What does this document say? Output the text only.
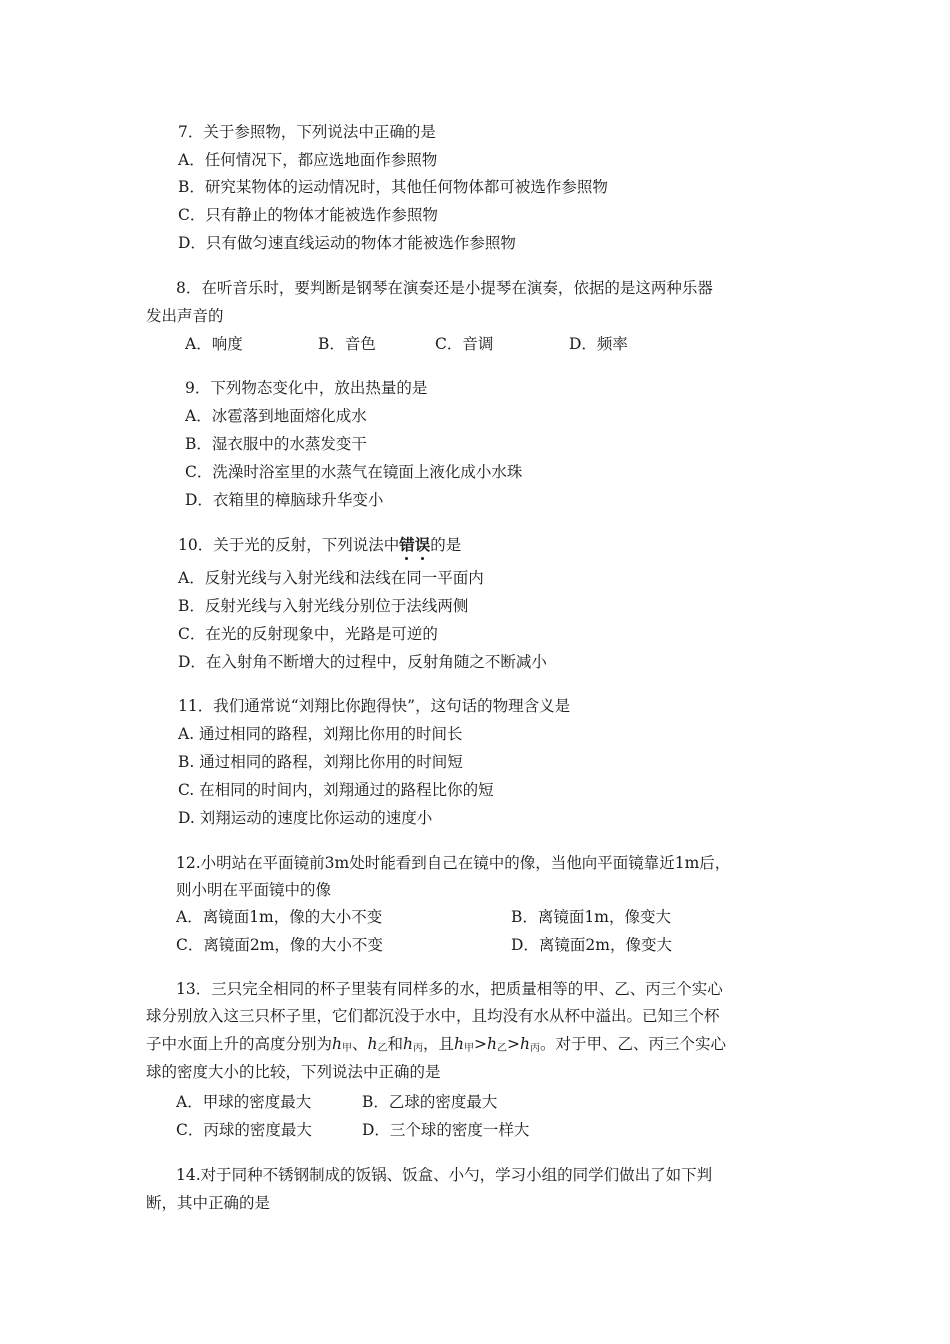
7．关于参照物，下列说法中正确的是
A．任何情况下，都应选地面作参照物
B．研究某物体的运动情况时，其他任何物体都可被选作参照物
C．只有静止的物体才能被选作参照物
D．只有做匀速直线运动的物体才能被选作参照物
8．在听音乐时，要判断是钢琴在演奏还是小提琴在演奏，依据的是这两种乐器
发出声音的
A．响度	B．音色	C．音调	D．频率
9．下列物态变化中，放出热量的是
A．冰雹落到地面熔化成水
B．湿衣服中的水蒸发变干
C．洗澡时浴室里的水蒸气在镜面上液化成小水珠
D．衣箱里的樟脑球升华变小
10．关于光的反射，下列说法中错
误
的是
A．反射光线与入射光线和法线在同一平面内
B．反射光线与入射光线分别位于法线两侧
C．在光的反射现象中，光路是可逆的
D．在入射角不断增大的过程中，反射角随之不断减小
11．我们通常说“刘翔比你跑得快”，这句话的物理含义是
A. 通过相同的路程，刘翔比你用的时间长
B. 通过相同的路程，刘翔比你用的时间短
C. 在相同的时间内，刘翔通过的路程比你的短
D. 刘翔运动的速度比你运动的速度小
12.小明站在平面镜前3m处时能看到自己在镜中的像，当他向平面镜靠近1m后，
则小明在平面镜中的像
A．离镜面1m，像的大小不变	B．离镜面1m，像变大
C．离镜面2m，像的大小不变	D．离镜面2m，像变大
13．三只完全相同的杯子里装有同样多的水，把质量相等的甲、乙、丙三个实心
球分别放入这三只杯子里，它们都沉没于水中，且均没有水从杯中溢出。已知三个杯
子中水面上升的高度分别为$h_甲$、$h_乙$和$h_丙$，且$h_甲>h_乙>h_丙$。对于甲、乙、丙三个实心
球的密度大小的比较，下列说法中正确的是
A．甲球的密度最大	B．乙球的密度最大
C．丙球的密度最大	D．三个球的密度一样大
14.对于同种不锈钢制成的饭锅、饭盒、小勺，学习小组的同学们做出了如下判
断，其中正确的是
